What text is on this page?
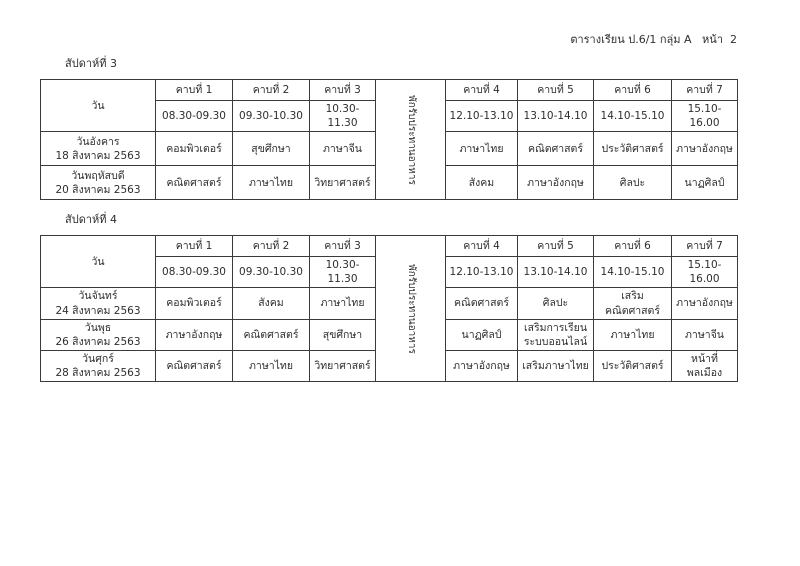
ตารางเรียน ป.6/1 กลุ่ม A   หน้า  2
สัปดาห์ที่ 3
วัน	คาบที่ 1	คาบที่ 2	คาบที่ 3	พักรับประทานอาหาร	คาบที่ 4	คาบที่ 5	คาบที่ 6	คาบที่ 7
	08.30-09.30	09.30-10.30	10.30-11.30		12.10-13.10	13.10-14.10	14.10-15.10	15.10-16.00

วันอังคาร
18 สิงหาคม 2563	คอมพิวเตอร์	สุขศึกษา	ภาษาจีน		ภาษาไทย	คณิตศาสตร์	ประวัติศาสตร์	ภาษาอังกฤษ

วันพฤหัสบดี
20 สิงหาคม 2563	คณิตศาสตร์	ภาษาไทย	วิทยาศาสตร์		สังคม	ภาษาอังกฤษ	ศิลปะ	นาฏศิลป์
สัปดาห์ที่ 4
วัน	คาบที่ 1	คาบที่ 2	คาบที่ 3	พักรับประทานอาหาร	คาบที่ 4	คาบที่ 5	คาบที่ 6	คาบที่ 7
	08.30-09.30	09.30-10.30	10.30-11.30		12.10-13.10	13.10-14.10	14.10-15.10	15.10-16.00

วันจันทร์
24 สิงหาคม 2563	คอมพิวเตอร์	สังคม	ภาษาไทย		คณิตศาสตร์	ศิลปะ	เสริมคณิตศาสตร์	ภาษาอังกฤษ

วันพุธ
26 สิงหาคม 2563	ภาษาอังกฤษ	คณิตศาสตร์	สุขศึกษา		นาฏศิลป์	เสริมการเรียนระบบออนไลน์	ภาษาไทย	ภาษาจีน

วันศุกร์
28 สิงหาคม 2563	คณิตศาสตร์	ภาษาไทย	วิทยาศาสตร์		ภาษาอังกฤษ	เสริมภาษาไทย	ประวัติศาสตร์	หน้าที่พลเมือง
